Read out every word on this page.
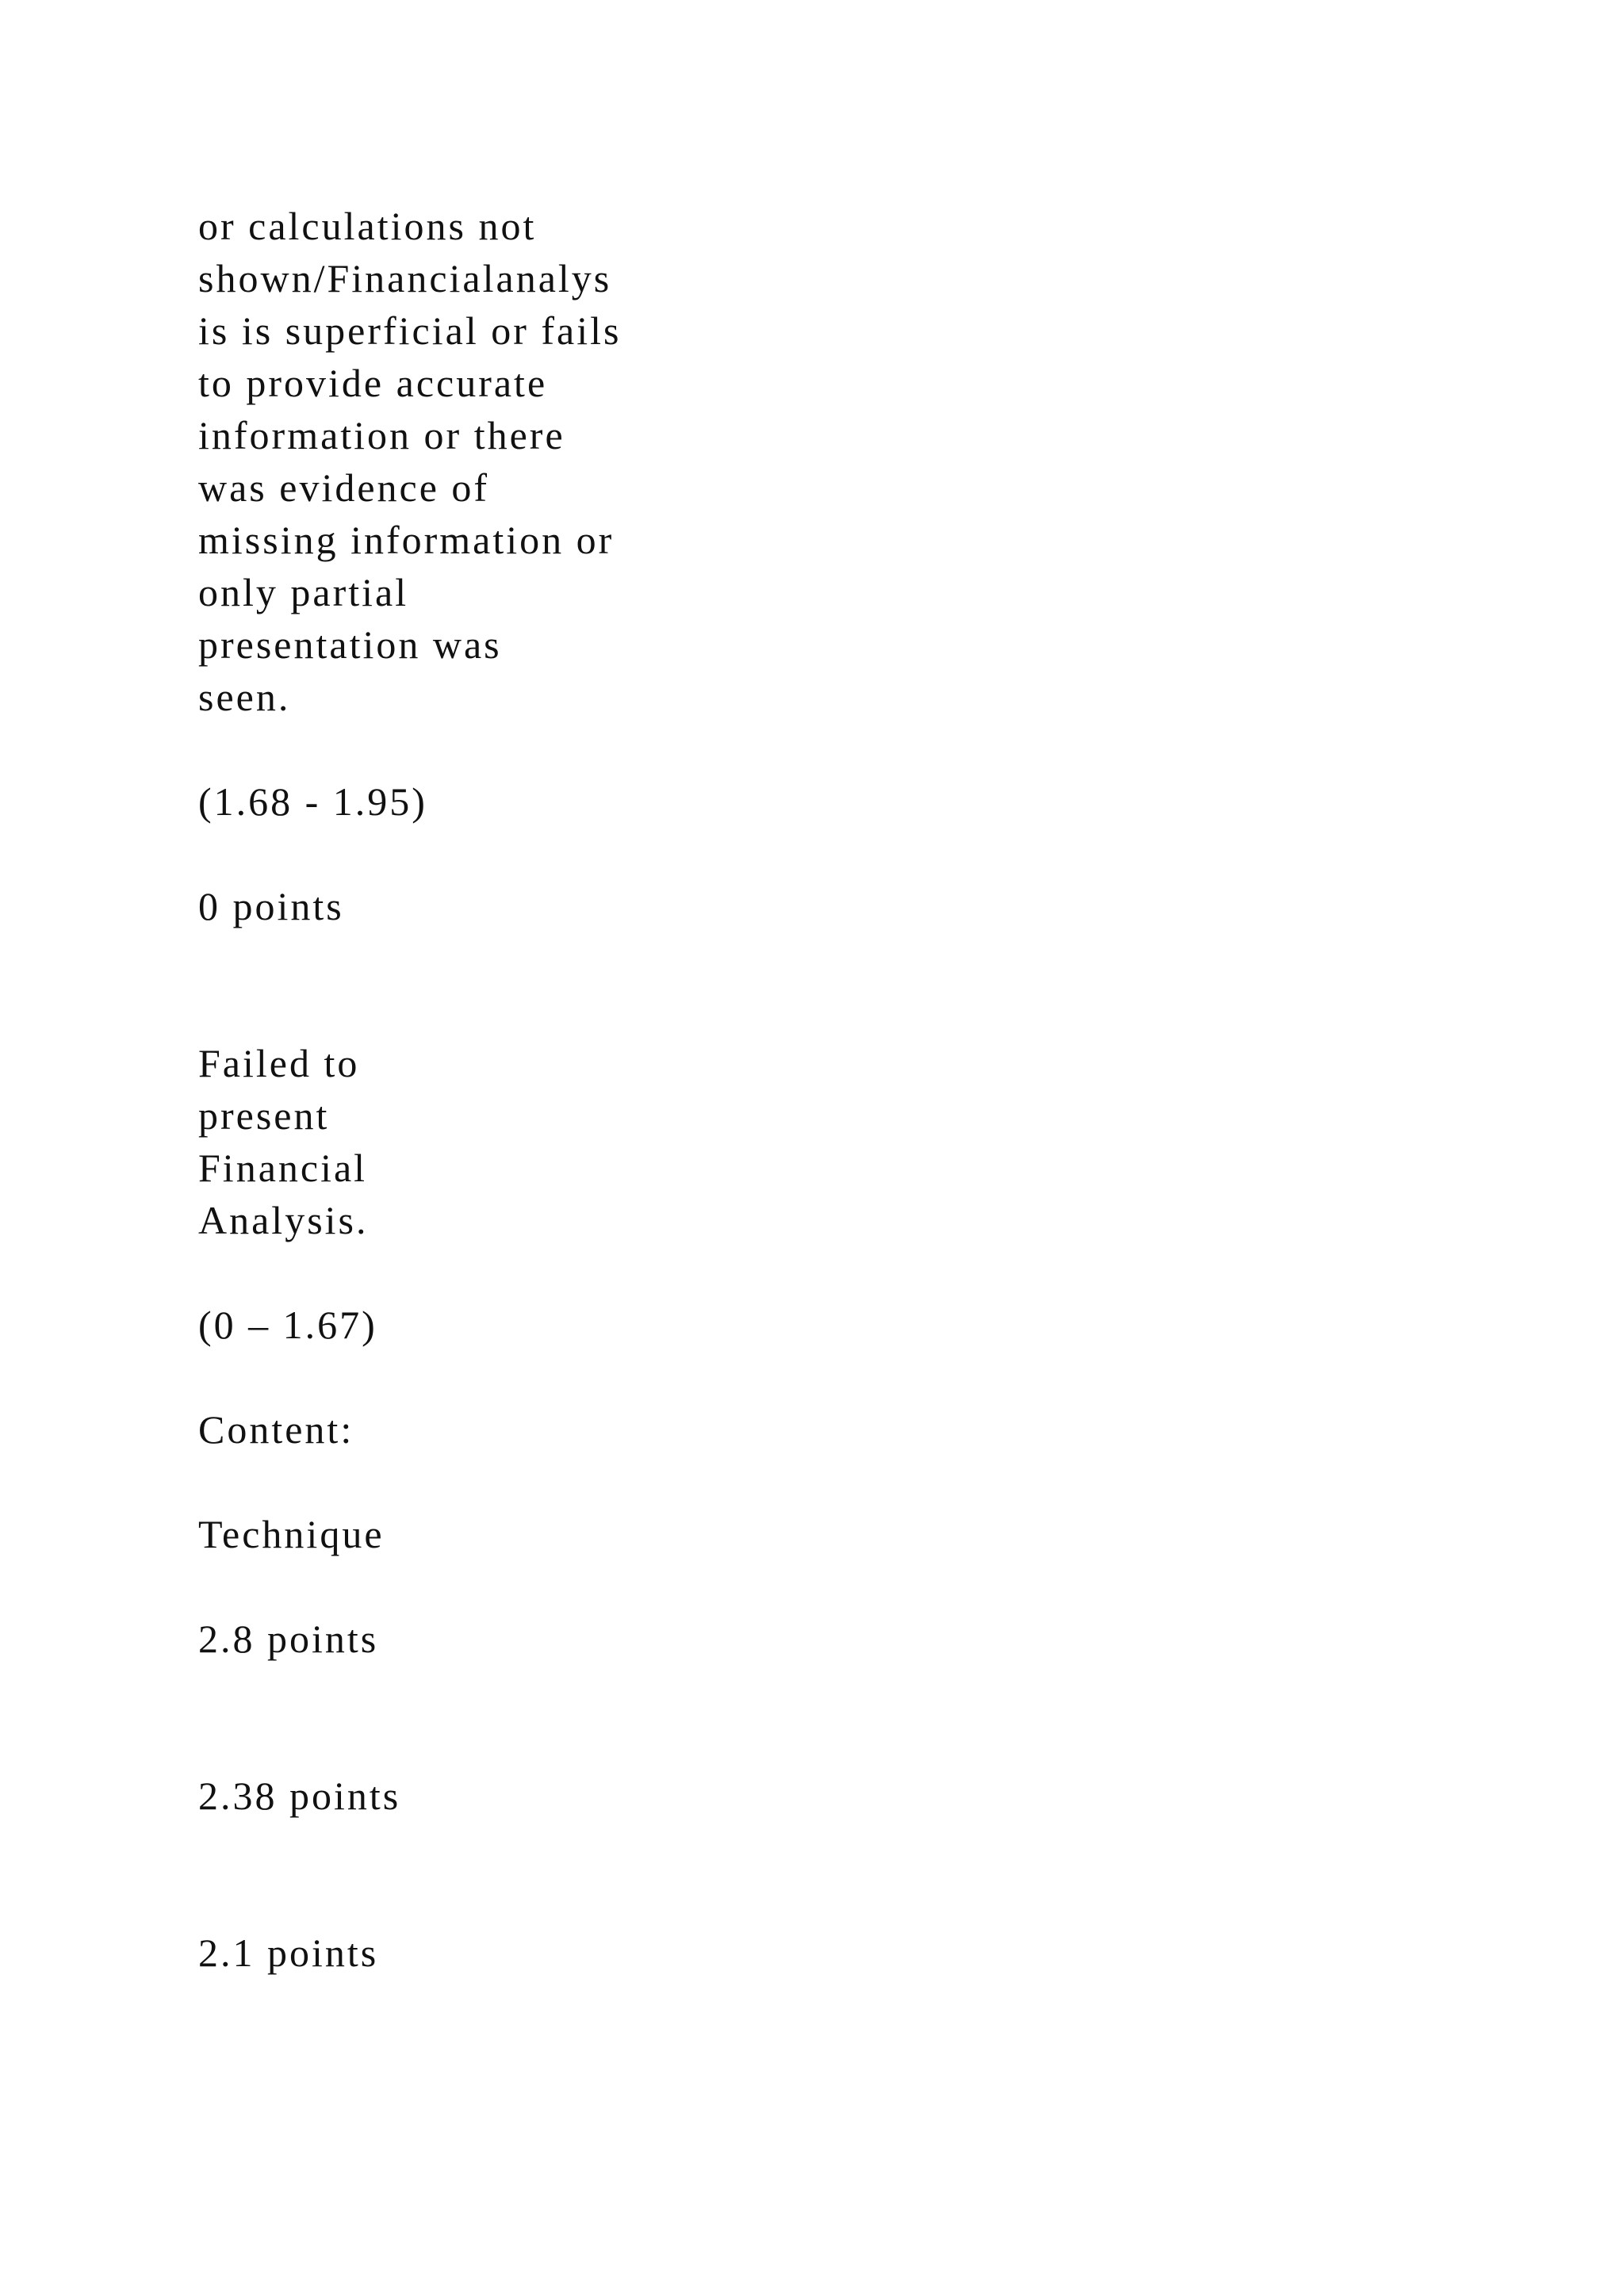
or calculations not

shown/Financialanalys

is is superficial or fails

to provide accurate

information or there

was evidence of

missing information or

only partial

presentation was

seen.

(1.68 - 1.95)

0 points

Failed to

present

Financial

Analysis.

(0 – 1.67)

Content:

Technique

2.8 points

2.38 points

2.1 points
